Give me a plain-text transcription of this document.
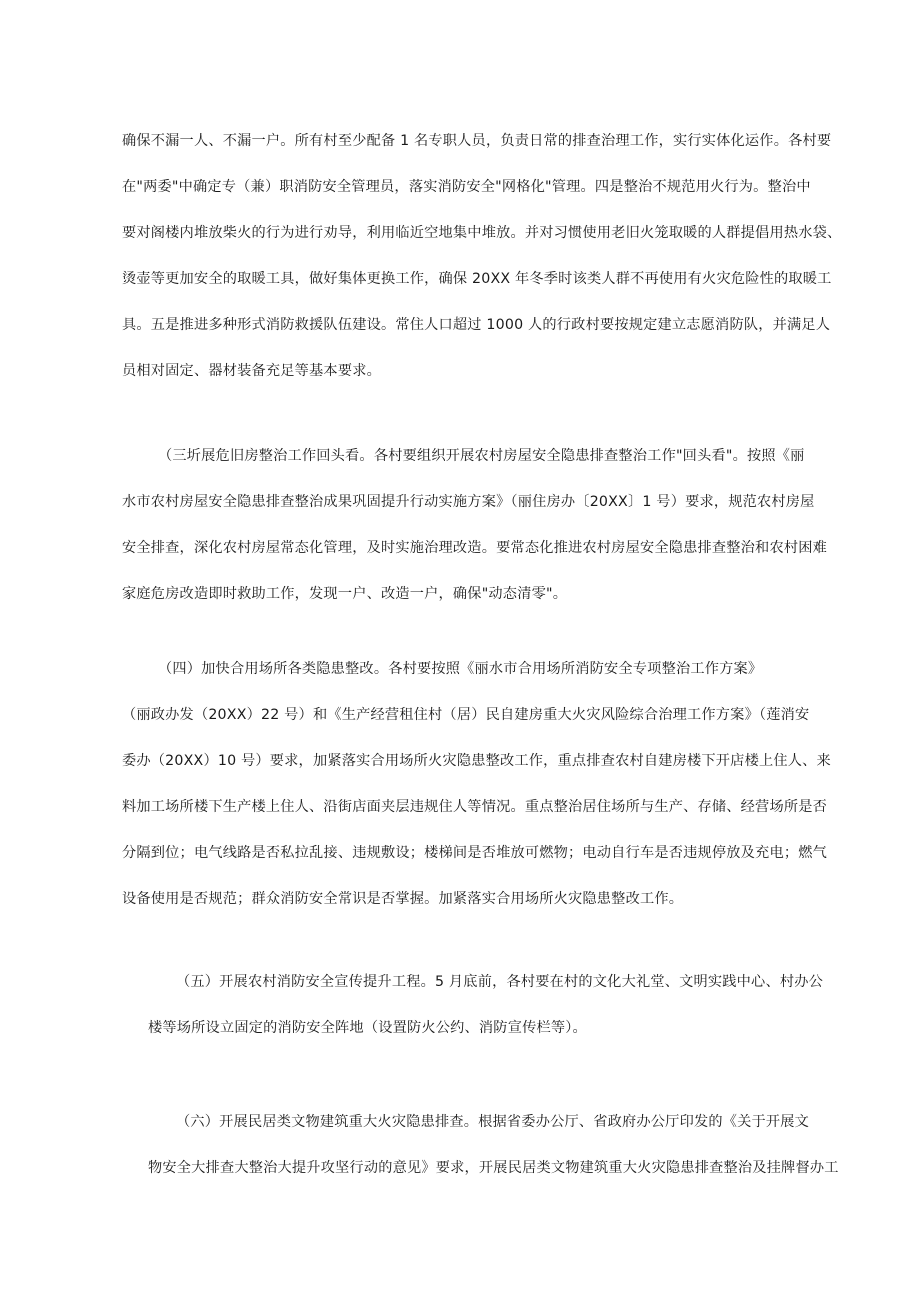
确保不漏一人、不漏一户。所有村至少配备 1 名专职人员，负责日常的排查治理工作，实行实体化运作。各村要
在"两委"中确定专（兼）职消防安全管理员，落实消防安全"网格化"管理。四是整治不规范用火行为。整治中
要对阁楼内堆放柴火的行为进行劝导，利用临近空地集中堆放。并对习惯使用老旧火笼取暖的人群提倡用热水袋、
烫壶等更加安全的取暖工具，做好集体更换工作，确保 20XX 年冬季时该类人群不再使用有火灾危险性的取暖工
具。五是推进多种形式消防救援队伍建设。常住人口超过 1000 人的行政村要按规定建立志愿消防队，并满足人
员相对固定、器材装备充足等基本要求。
（三圻展危旧房整治工作回头看。各村要组织开展农村房屋安全隐患排查整治工作"回头看"。按照《丽
水市农村房屋安全隐患排查整治成果巩固提升行动实施方案》（丽住房办〔20XX〕1 号）要求，规范农村房屋
安全排查，深化农村房屋常态化管理，及时实施治理改造。要常态化推进农村房屋安全隐患排查整治和农村困难
家庭危房改造即时救助工作，发现一户、改造一户，确保"动态清零"。
（四）加快合用场所各类隐患整改。各村要按照《丽水市合用场所消防安全专项整治工作方案》
（丽政办发（20XX）22 号）和《生产经营租住村（居）民自建房重大火灾风险综合治理工作方案》（莲消安
委办（20XX）10 号）要求，加紧落实合用场所火灾隐患整改工作，重点排查农村自建房楼下开店楼上住人、来
料加工场所楼下生产楼上住人、沿街店面夹层违规住人等情况。重点整治居住场所与生产、存储、经营场所是否
分隔到位；电气线路是否私拉乱接、违规敷设；楼梯间是否堆放可燃物；电动自行车是否违规停放及充电；燃气
设备使用是否规范；群众消防安全常识是否掌握。加紧落实合用场所火灾隐患整改工作。
（五）开展农村消防安全宣传提升工程。5 月底前，各村要在村的文化大礼堂、文明实践中心、村办公
楼等场所设立固定的消防安全阵地（设置防火公约、消防宣传栏等）。
（六）开展民居类文物建筑重大火灾隐患排查。根据省委办公厅、省政府办公厅印发的《关于开展文
物安全大排查大整治大提升攻坚行动的意见》要求，开展民居类文物建筑重大火灾隐患排查整治及挂牌督办工
